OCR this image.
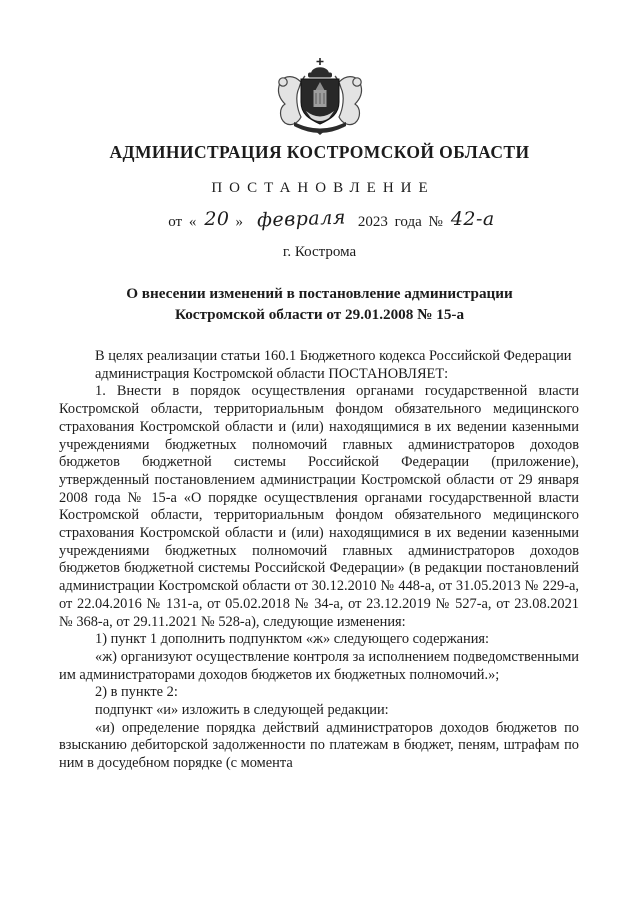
АДМИНИСТРАЦИЯ КОСТРОМСКОЙ ОБЛАСТИ
ПОСТАНОВЛЕНИЕ
от « 20 » февраля 2023 года № 42-а
г. Кострома
О внесении изменений в постановление администрации
Костромской области от 29.01.2008 № 15-а

В целях реализации статьи 160.1 Бюджетного кодекса Российской Федерации

администрация Костромской области ПОСТАНОВЛЯЕТ:

1. Внести в порядок осуществления органами государственной власти Костромской области, территориальным фондом обязательного медицинского страхования Костромской области и (или) находящимися в их ведении казенными учреждениями бюджетных полномочий главных администраторов доходов бюджетов бюджетной системы Российской Федерации (приложение), утвержденный постановлением администрации Костромской области от 29 января 2008 года № 15-а «О порядке осуществления органами государственной власти Костромской области, территориальным фондом обязательного медицинского страхования Костромской области и (или) находящимися в их ведении казенными учреждениями бюджетных полномочий главных администраторов доходов бюджетов бюджетной системы Российской Федерации» (в редакции постановлений администрации Костромской области от 30.12.2010 № 448-а, от 31.05.2013 № 229-а, от 22.04.2016 № 131-а, от 05.02.2018 № 34-а, от 23.12.2019 № 527-а, от 23.08.2021 № 368-а, от 29.11.2021 № 528-а), следующие изменения:

1) пункт 1 дополнить подпунктом «ж» следующего содержания:

«ж) организуют осуществление контроля за исполнением подведомственными им администраторами доходов бюджетов их бюджетных полномочий.»;

2) в пункте 2:

подпункт «и» изложить в следующей редакции:

«и) определение порядка действий администраторов доходов бюджетов по взысканию дебиторской задолженности по платежам в бюджет, пеням, штрафам по ним в досудебном порядке (с момента
